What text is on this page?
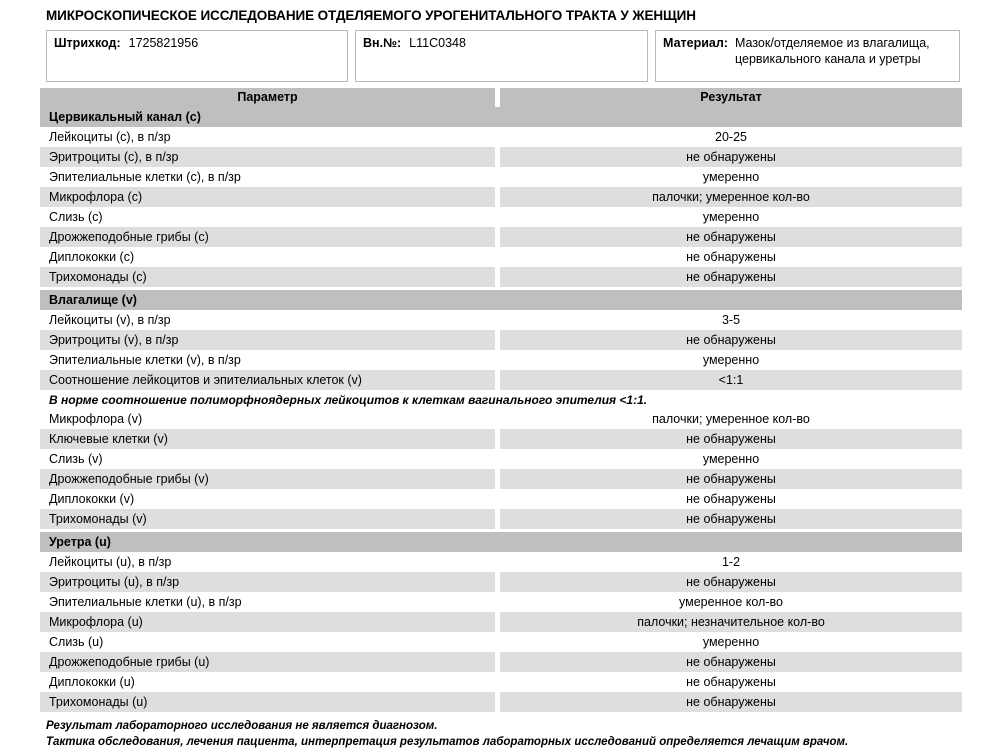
МИКРОСКОПИЧЕСКОЕ ИССЛЕДОВАНИЕ ОТДЕЛЯЕМОГО УРОГЕНИТАЛЬНОГО ТРАКТА У ЖЕНЩИН
Штрихкод: 1725821956	Вн.№: L11C0348	Материал: Мазок/отделяемое из влагалища, цервикального канала и уретры
Параметр	Результат
Цервикальный канал (c)
Лейкоциты (c), в п/зр	20-25
Эритроциты (c), в п/зр	не обнаружены
Эпителиальные клетки (c), в п/зр	умеренно
Микрофлора (c)	палочки; умеренное кол-во
Слизь (c)	умеренно
Дрожжеподобные грибы (c)	не обнаружены
Диплококки (c)	не обнаружены
Трихомонады (c)	не обнаружены
Влагалище (v)
Лейкоциты (v), в п/зр	3-5
Эритроциты (v), в п/зр	не обнаружены
Эпителиальные клетки (v), в п/зр	умеренно
Соотношение лейкоцитов и эпителиальных клеток (v)	<1:1
В норме соотношение полиморфноядерных лейкоцитов к клеткам вагинального эпителия <1:1.
Микрофлора (v)	палочки; умеренное кол-во
Ключевые клетки (v)	не обнаружены
Слизь (v)	умеренно
Дрожжеподобные грибы (v)	не обнаружены
Диплококки (v)	не обнаружены
Трихомонады (v)	не обнаружены
Уретра (u)
Лейкоциты (u), в п/зр	1-2
Эритроциты (u), в п/зр	не обнаружены
Эпителиальные клетки (u), в п/зр	умеренное кол-во
Микрофлора (u)	палочки; незначительное кол-во
Слизь (u)	умеренно
Дрожжеподобные грибы (u)	не обнаружены
Диплококки (u)	не обнаружены
Трихомонады (u)	не обнаружены
Результат лабораторного исследования не является диагнозом.
Тактика обследования, лечения пациента, интерпретация результатов лабораторных исследований определяется лечащим врачом.
